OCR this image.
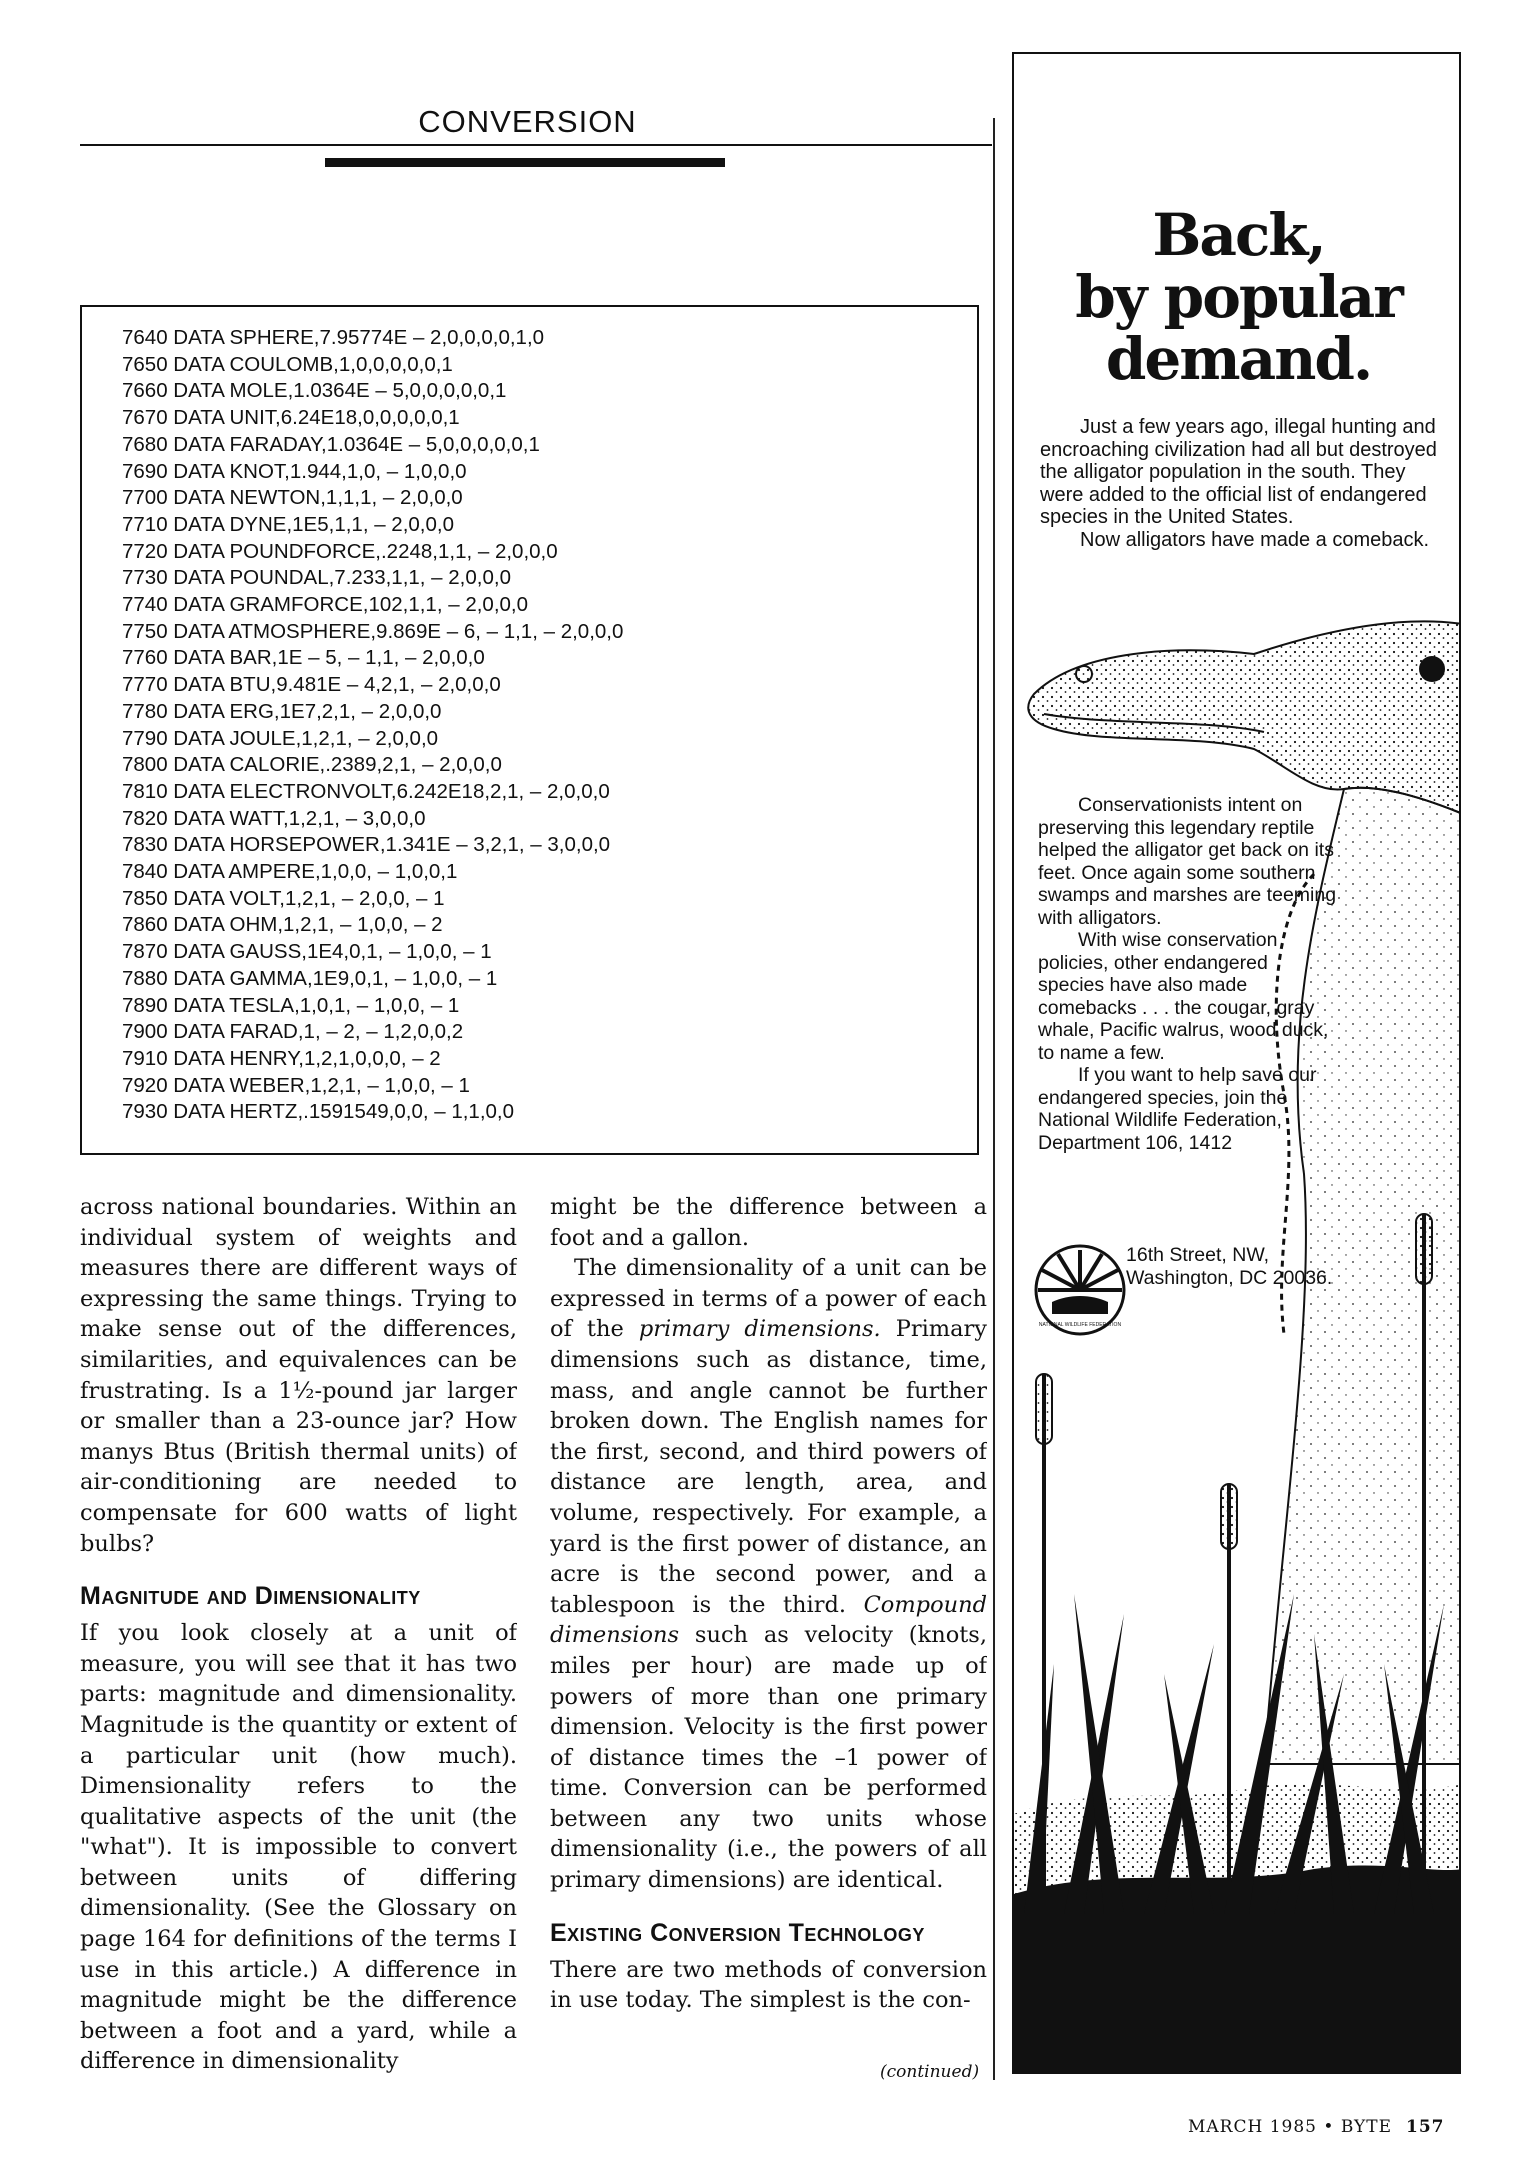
CONVERSION
7640 DATA SPHERE,7.95774E – 2,0,0,0,0,1,0
7650 DATA COULOMB,1,0,0,0,0,0,1
7660 DATA MOLE,1.0364E – 5,0,0,0,0,0,1
7670 DATA UNIT,6.24E18,0,0,0,0,0,1
7680 DATA FARADAY,1.0364E – 5,0,0,0,0,0,1
7690 DATA KNOT,1.944,1,0, – 1,0,0,0
7700 DATA NEWTON,1,1,1, – 2,0,0,0
7710 DATA DYNE,1E5,1,1, – 2,0,0,0
7720 DATA POUNDFORCE,.2248,1,1, – 2,0,0,0
7730 DATA POUNDAL,7.233,1,1, – 2,0,0,0
7740 DATA GRAMFORCE,102,1,1, – 2,0,0,0
7750 DATA ATMOSPHERE,9.869E – 6, – 1,1, – 2,0,0,0
7760 DATA BAR,1E – 5, – 1,1, – 2,0,0,0
7770 DATA BTU,9.481E – 4,2,1, – 2,0,0,0
7780 DATA ERG,1E7,2,1, – 2,0,0,0
7790 DATA JOULE,1,2,1, – 2,0,0,0
7800 DATA CALORIE,.2389,2,1, – 2,0,0,0
7810 DATA ELECTRONVOLT,6.242E18,2,1, – 2,0,0,0
7820 DATA WATT,1,2,1, – 3,0,0,0
7830 DATA HORSEPOWER,1.341E – 3,2,1, – 3,0,0,0
7840 DATA AMPERE,1,0,0, – 1,0,0,1
7850 DATA VOLT,1,2,1, – 2,0,0, – 1
7860 DATA OHM,1,2,1, – 1,0,0, – 2
7870 DATA GAUSS,1E4,0,1, – 1,0,0, – 1
7880 DATA GAMMA,1E9,0,1, – 1,0,0, – 1
7890 DATA TESLA,1,0,1, – 1,0,0, – 1
7900 DATA FARAD,1, – 2, – 1,2,0,0,2
7910 DATA HENRY,1,2,1,0,0,0, – 2
7920 DATA WEBER,1,2,1, – 1,0,0, – 1
7930 DATA HERTZ,.1591549,0,0, – 1,1,0,0

across national boundaries. Within an individual system of weights and measures there are different ways of expressing the same things. Trying to make sense out of the differences, similarities, and equivalences can be frustrating. Is a 1½-pound jar larger or smaller than a 23-ounce jar? How manys Btus (British thermal units) of air-conditioning are needed to compensate for 600 watts of light bulbs?

Magnitude and Dimensionality

If you look closely at a unit of measure, you will see that it has two parts: magnitude and dimensionality. Magnitude is the quantity or extent of a particular unit (how much). Dimensionality refers to the qualitative aspects of the unit (the "what"). It is impossible to convert between units of differing dimensionality. (See the Glossary on page 164 for definitions of the terms I use in this article.) A difference in magnitude might be the difference between a foot and a yard, while a difference in dimensionality

might be the difference between a foot and a gallon.

The dimensionality of a unit can be expressed in terms of a power of each of the primary dimensions. Primary dimensions such as distance, time, mass, and angle cannot be further broken down. The English names for the first, second, and third powers of distance are length, area, and volume, respectively. For example, a yard is the first power of distance, an acre is the second power, and a tablespoon is the third. Compound dimensions such as velocity (knots, miles per hour) are made up of powers of more than one primary dimension. Velocity is the first power of distance times the –1 power of time. Conversion can be performed between any two units whose dimensionality (i.e., the powers of all primary dimensions) are identical.

Existing Conversion Technology

There are two methods of conversion in use today. The simplest is the con-

(continued)
Back,
by popular
demand.

Just a few years ago, illegal hunting and encroaching civilization had all but destroyed the alligator population in the south. They were added to the official list of endangered species in the United States.

Now alligators have made a comeback.

Conservationists intent on preserving this legendary reptile helped the alligator get back on its feet. Once again some southern swamps and marshes are teeming with alligators.

With wise conservation policies, other endangered species have also made comebacks . . . the cougar, gray whale, Pacific walrus, wood duck, to name a few.

If you want to help save our endangered species, join the National Wildlife Federation, Department 106, 1412

NATIONAL WILDLIFE FEDERATION
16th Street, NW, Washington, DC 20036.
MARCH 1985 • BYTE 157
